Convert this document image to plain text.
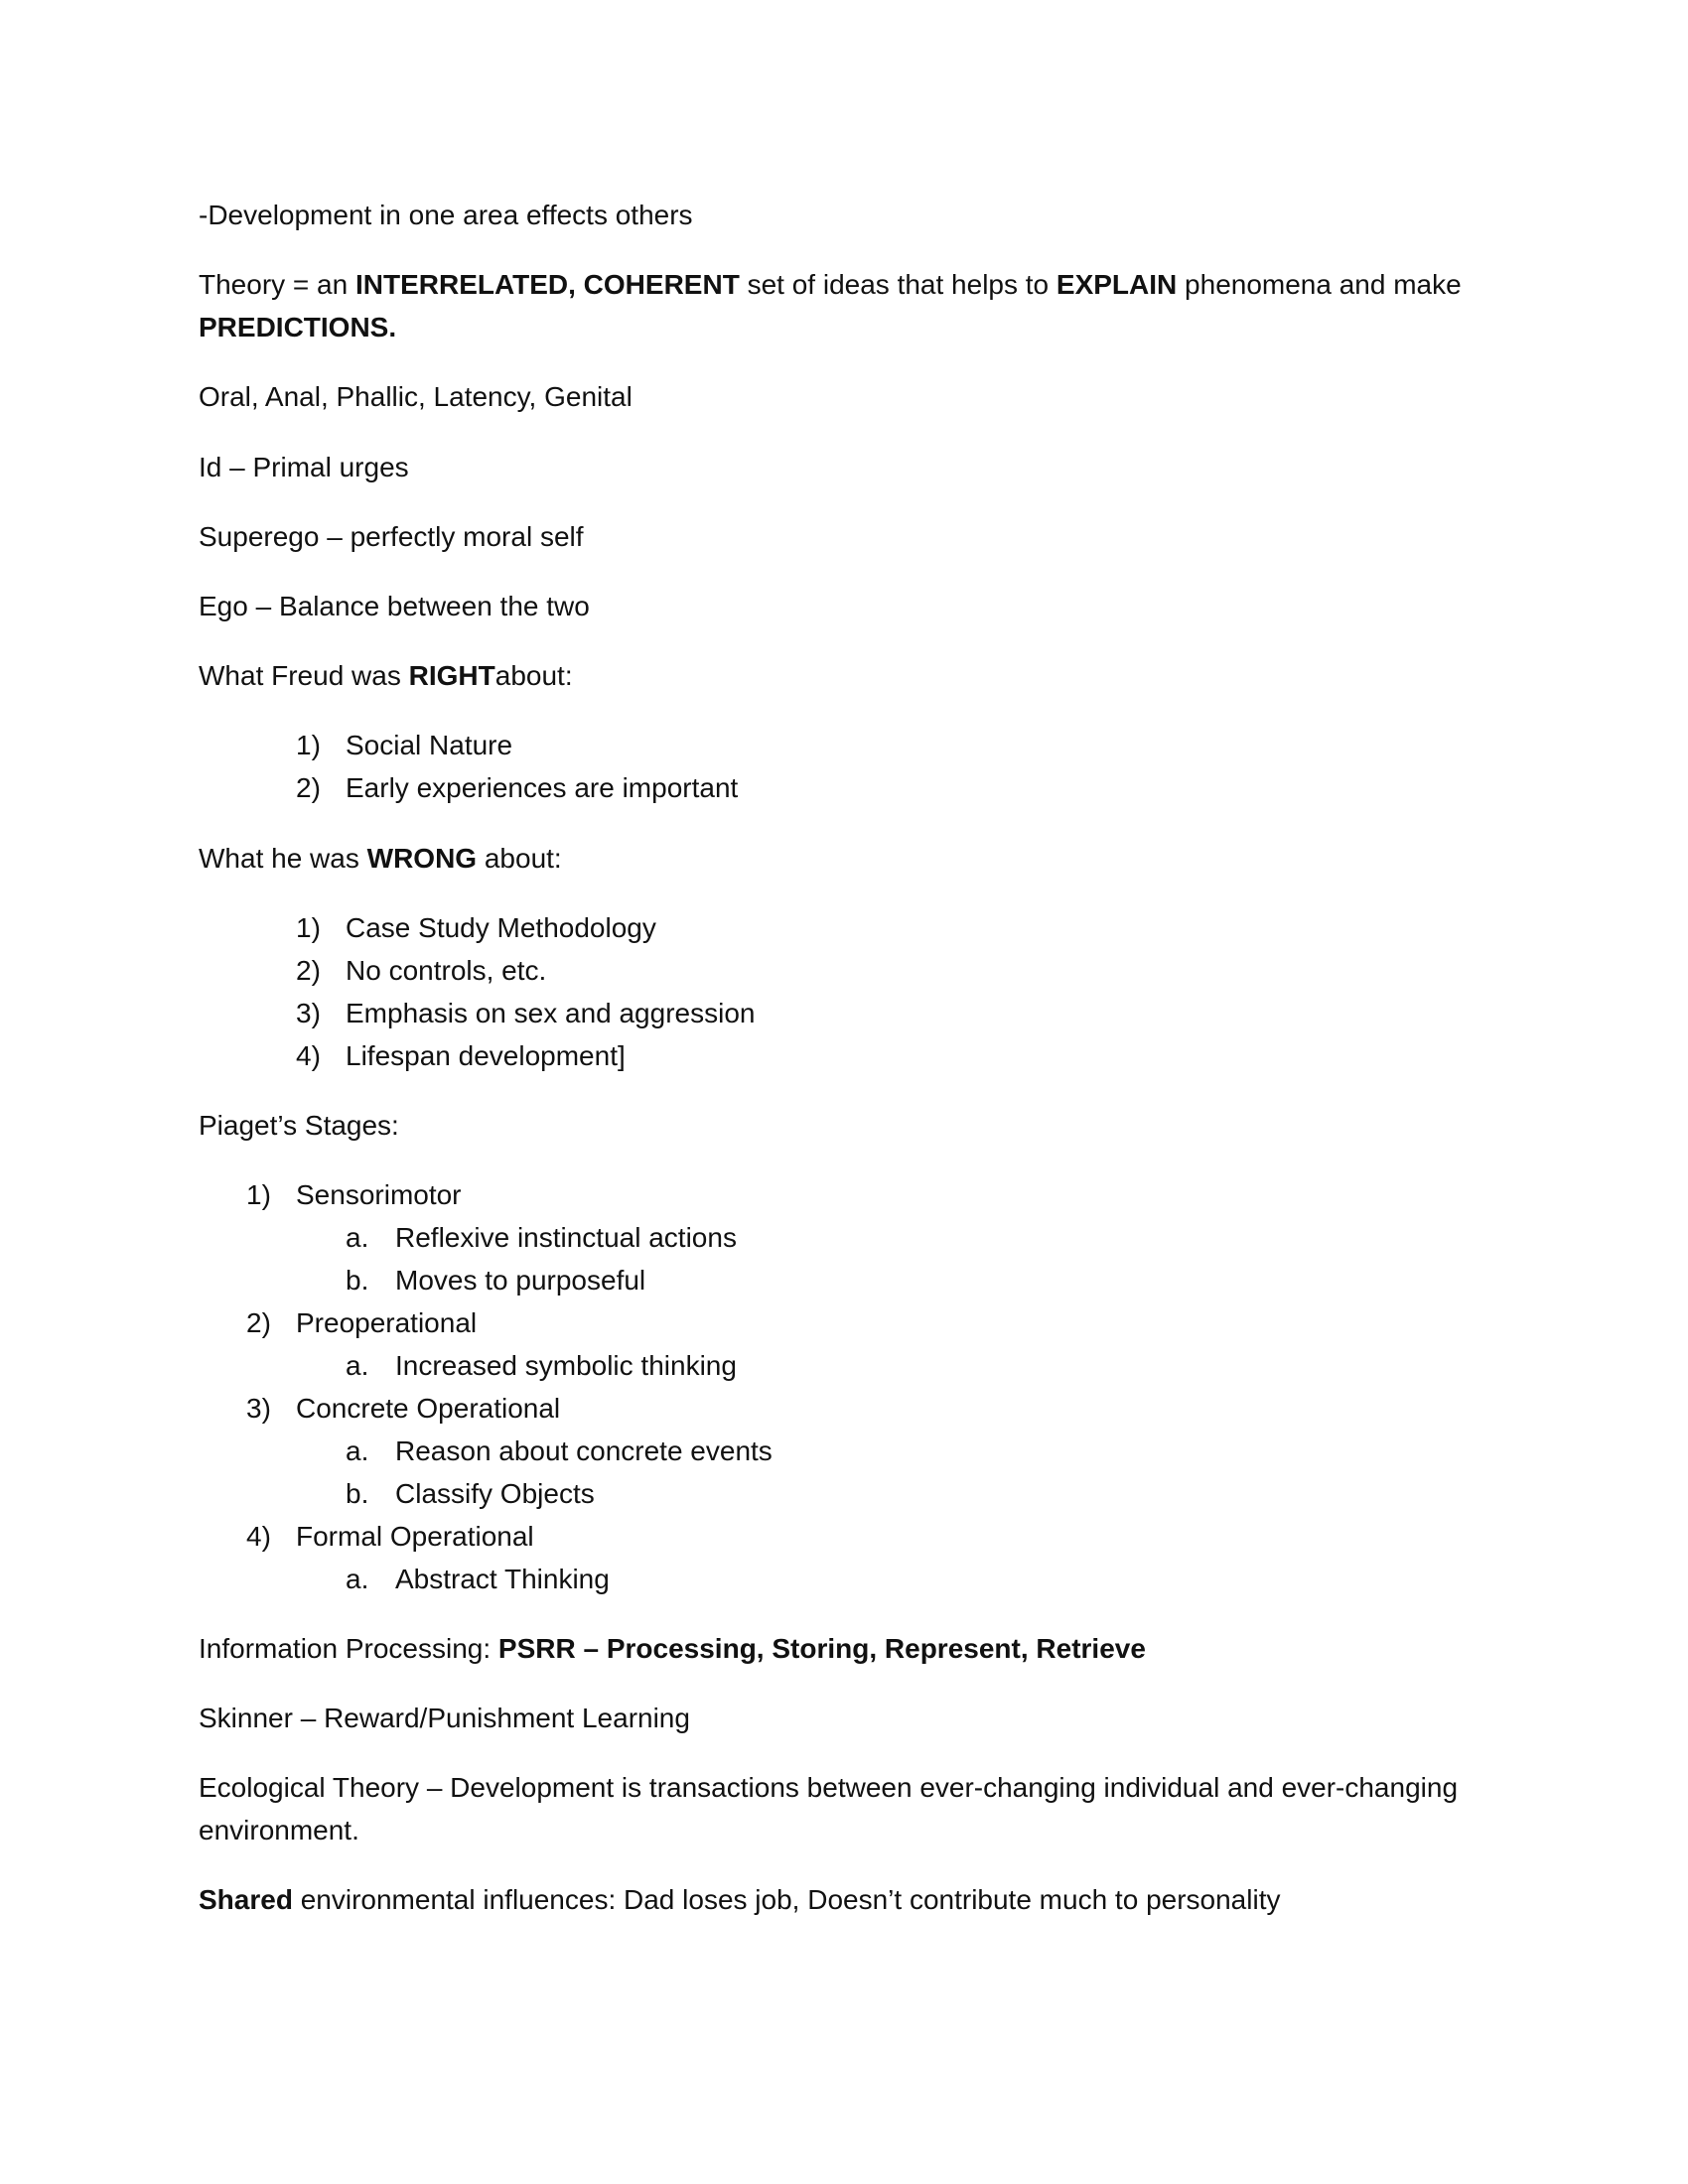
-Development in one area effects others
Theory = an INTERRELATED, COHERENT set of ideas that helps to EXPLAIN phenomena and make
PREDICTIONS.
Oral, Anal, Phallic, Latency, Genital
Id – Primal urges
Superego – perfectly moral self
Ego – Balance between the two
What Freud was RIGHTabout:
1) Social Nature
2) Early experiences are important
What he was WRONG about:
1) Case Study Methodology
2) No controls, etc.
3) Emphasis on sex and aggression
4) Lifespan development]
Piaget’s Stages:
1) Sensorimotor
a. Reflexive instinctual actions
b. Moves to purposeful
2) Preoperational
a. Increased symbolic thinking
3) Concrete Operational
a. Reason about concrete events
b. Classify Objects
4) Formal Operational
a. Abstract Thinking
Information Processing: PSRR – Processing, Storing, Represent, Retrieve
Skinner – Reward/Punishment Learning
Ecological Theory – Development is transactions between ever-changing individual and ever-changing
environment.
Shared environmental influences: Dad loses job, Doesn’t contribute much to personality
